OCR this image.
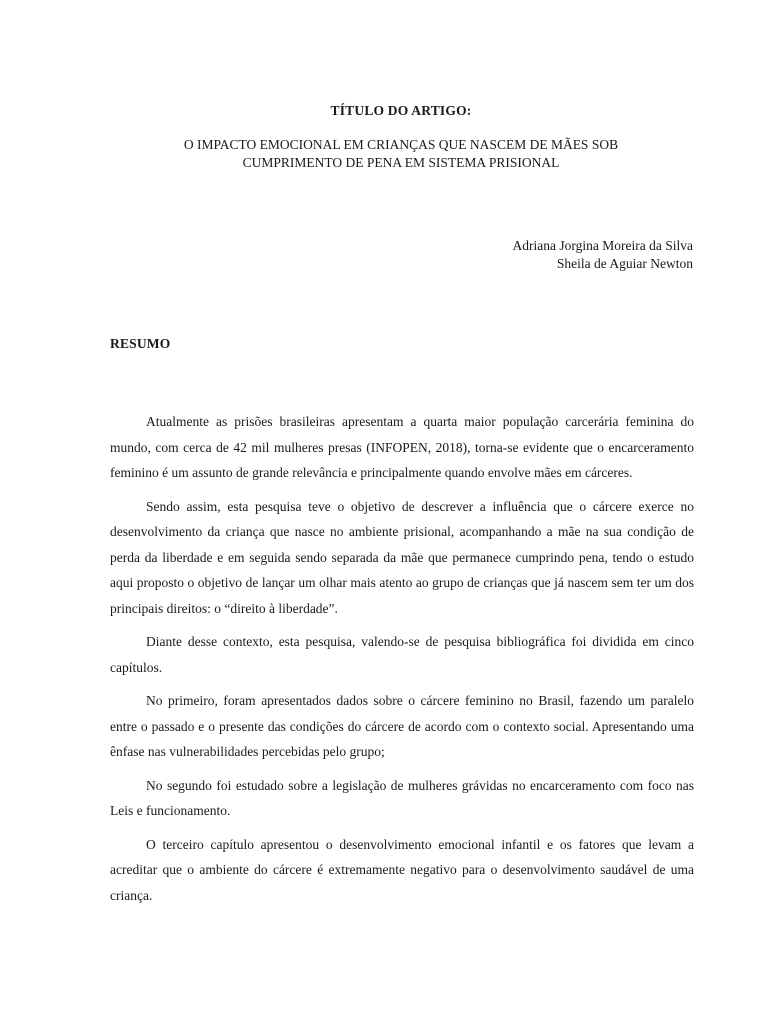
TÍTULO DO ARTIGO:
O IMPACTO EMOCIONAL EM CRIANÇAS QUE NASCEM DE MÃES SOB
CUMPRIMENTO DE PENA EM SISTEMA PRISIONAL
Adriana Jorgina Moreira da Silva
Sheila de Aguiar Newton
RESUMO

Atualmente as prisões brasileiras apresentam a quarta maior população carcerária feminina do mundo, com cerca de 42 mil mulheres presas (INFOPEN, 2018), torna-se evidente que o encarceramento feminino é um assunto de grande relevância e principalmente quando envolve mães em cárceres.

Sendo assim, esta pesquisa teve o objetivo de descrever a influência que o cárcere exerce no desenvolvimento da criança que nasce no ambiente prisional, acompanhando a mãe na sua condição de perda da liberdade e em seguida sendo separada da mãe que permanece cumprindo pena, tendo o estudo aqui proposto o objetivo de lançar um olhar mais atento ao grupo de crianças que já nascem sem ter um dos principais direitos: o “direito à liberdade”.

Diante desse contexto, esta pesquisa, valendo-se de pesquisa bibliográfica foi dividida em cinco capítulos.

No primeiro, foram apresentados dados sobre o cárcere feminino no Brasil, fazendo um paralelo entre o passado e o presente das condições do cárcere de acordo com o contexto social. Apresentando uma ênfase nas vulnerabilidades percebidas pelo grupo;

No segundo foi estudado sobre a legislação de mulheres grávidas no encarceramento com foco nas Leis e funcionamento.

O terceiro capítulo apresentou o desenvolvimento emocional infantil e os fatores que levam a acreditar que o ambiente do cárcere é extremamente negativo para o desenvolvimento saudável de uma criança.
